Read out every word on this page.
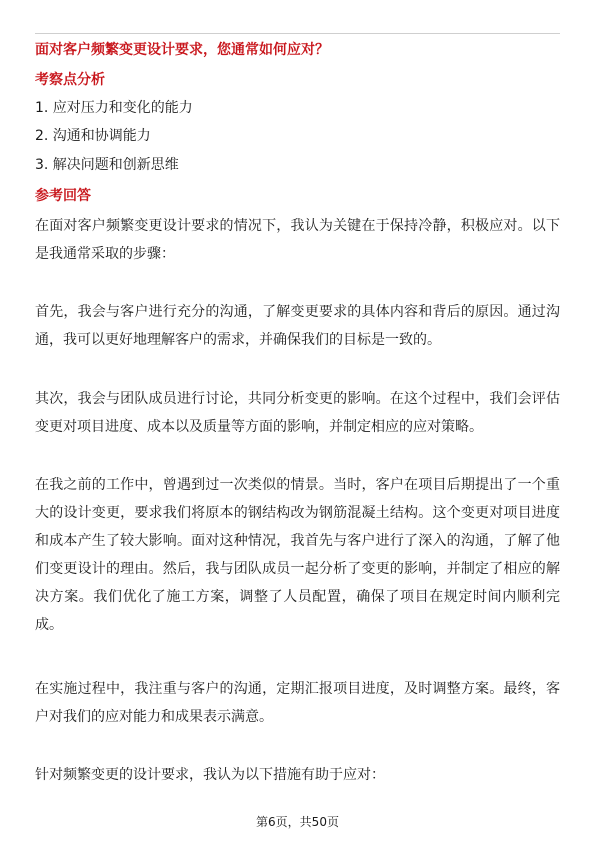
面对客户频繁变更设计要求，您通常如何应对？
考察点分析
1. 应对压力和变化的能力
2. 沟通和协调能力
3. 解决问题和创新思维
参考回答

在面对客户频繁变更设计要求的情况下，我认为关键在于保持冷静，积极应对。以下是我通常采取的步骤：

首先，我会与客户进行充分的沟通，了解变更要求的具体内容和背后的原因。通过沟通，我可以更好地理解客户的需求，并确保我们的目标是一致的。

其次，我会与团队成员进行讨论，共同分析变更的影响。在这个过程中，我们会评估变更对项目进度、成本以及质量等方面的影响，并制定相应的应对策略。

在我之前的工作中，曾遇到过一次类似的情景。当时，客户在项目后期提出了一个重大的设计变更，要求我们将原本的钢结构改为钢筋混凝土结构。这个变更对项目进度和成本产生了较大影响。面对这种情况，我首先与客户进行了深入的沟通，了解了他们变更设计的理由。然后，我与团队成员一起分析了变更的影响，并制定了相应的解决方案。我们优化了施工方案，调整了人员配置，确保了项目在规定时间内顺利完成。

在实施过程中，我注重与客户的沟通，定期汇报项目进度，及时调整方案。最终，客户对我们的应对能力和成果表示满意。

针对频繁变更的设计要求，我认为以下措施有助于应对：

第6页，共50页
